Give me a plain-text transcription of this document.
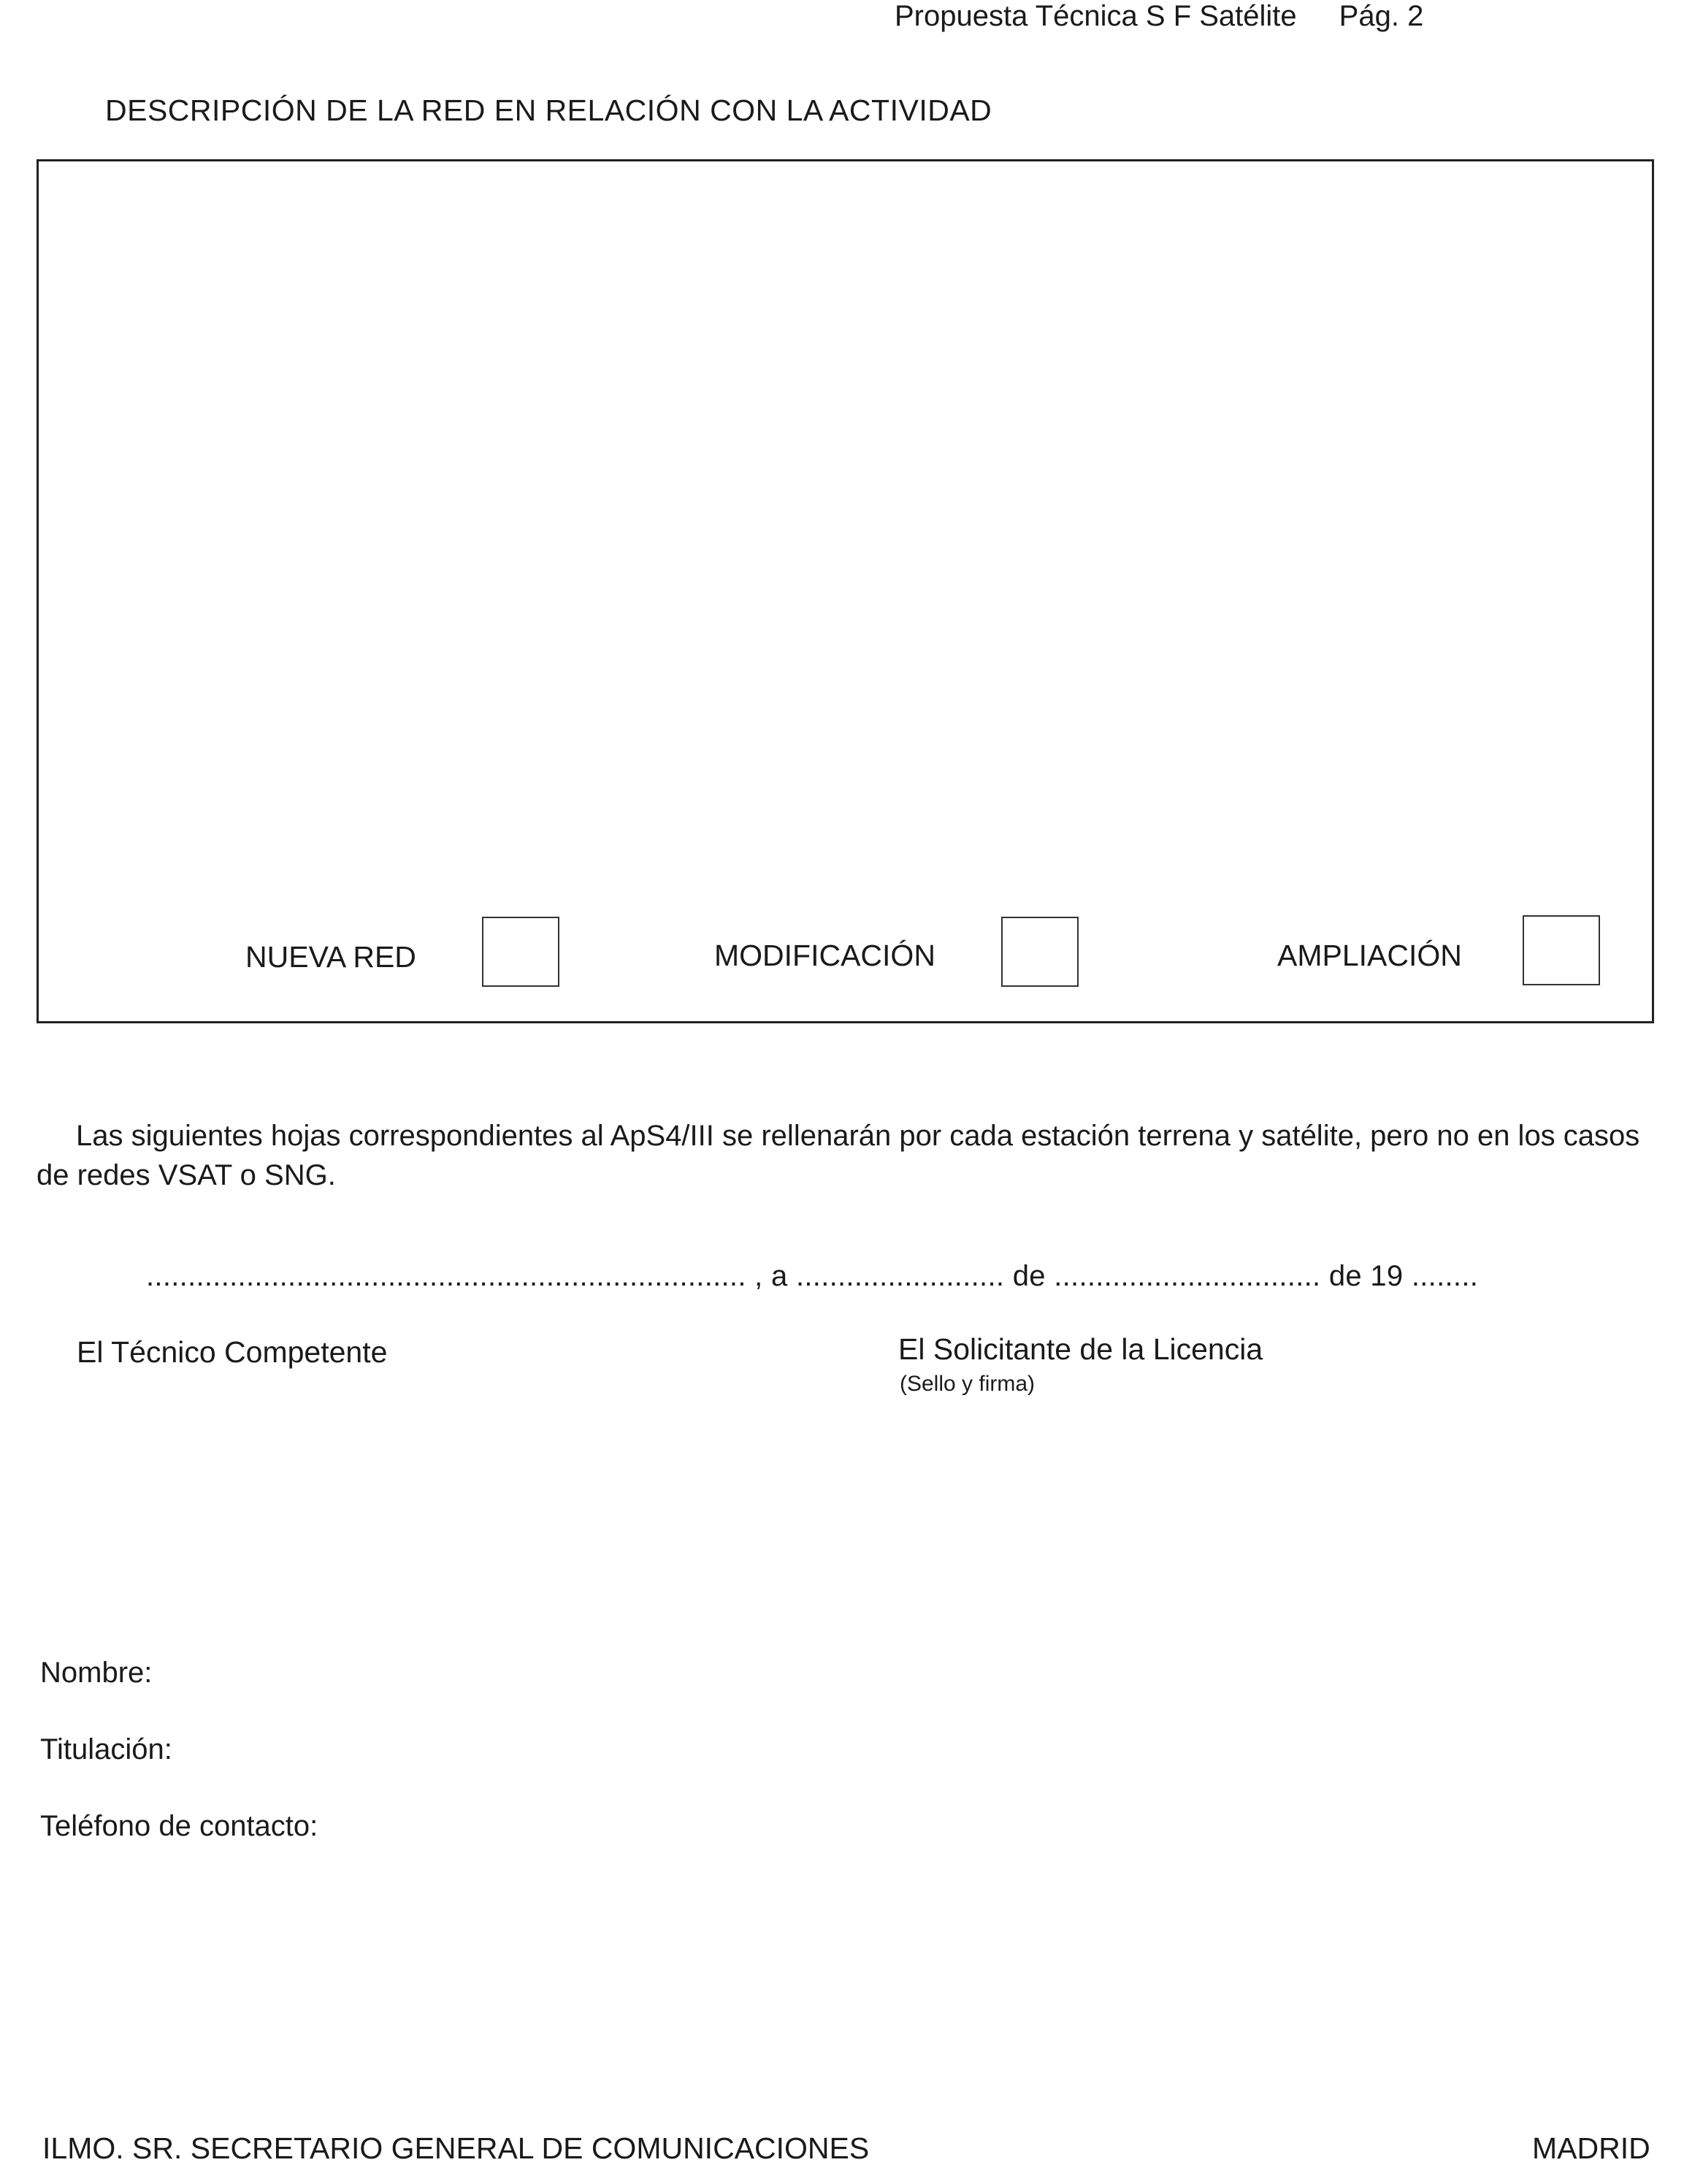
Propuesta Técnica S F Satélite Pág. 2
DESCRIPCIÓN DE LA RED EN RELACIÓN CON LA ACTIVIDAD
NUEVA RED	MODIFICACIÓN	AMPLIACIÓN
Las siguientes hojas correspondientes al ApS4/III se rellenarán por cada estación terrena y satélite, pero no en los casos de redes VSAT o SNG.
........................................................................ , a ......................... de ................................ de 19 ........
El Técnico Competente	El Solicitante de la Licencia
(Sello y firma)
Nombre:
Titulación:
Teléfono de contacto:
ILMO. SR. SECRETARIO GENERAL DE COMUNICACIONES	MADRID
